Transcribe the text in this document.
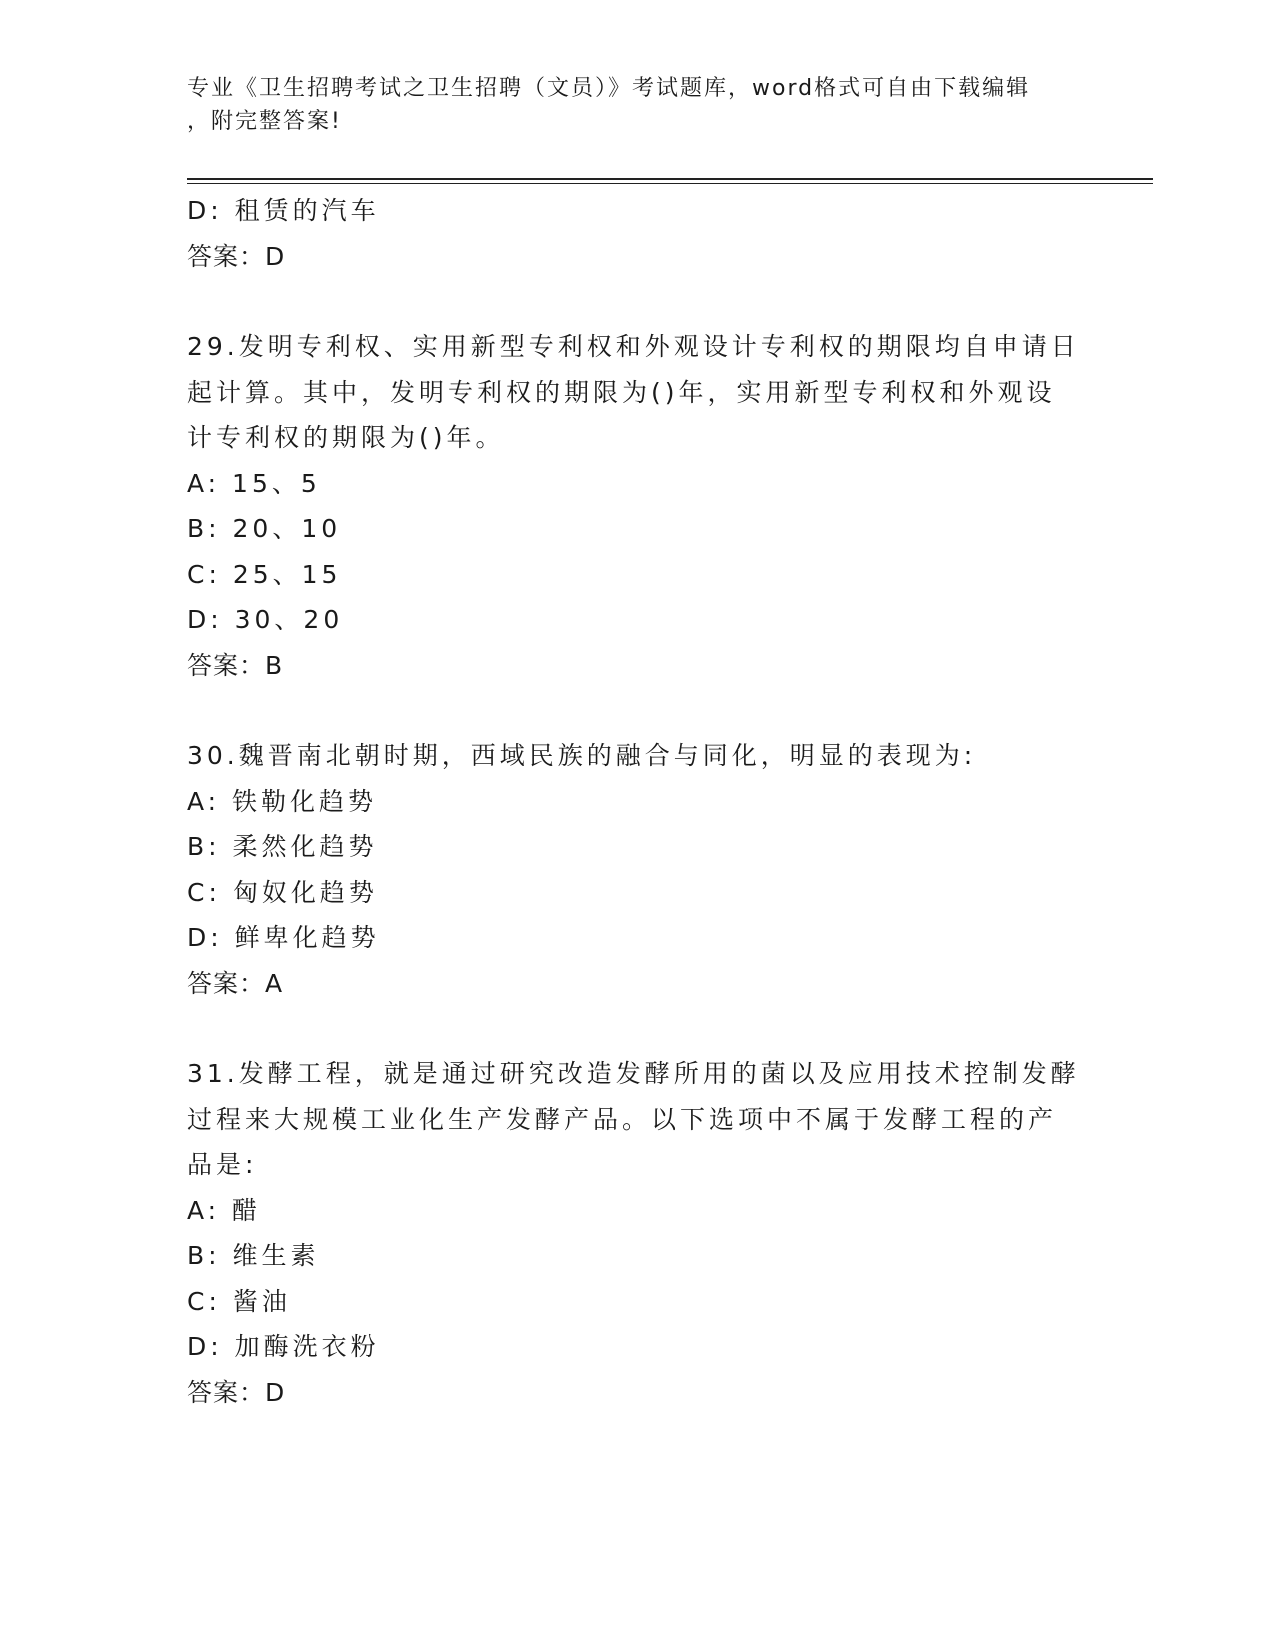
专业《卫生招聘考试之卫生招聘（文员）》考试题库，word格式可自由下载编辑
，附完整答案!
D: 租赁的汽车
答案：D
29.发明专利权、实用新型专利权和外观设计专利权的期限均自申请日
起计算。其中，发明专利权的期限为()年，实用新型专利权和外观设
计专利权的期限为()年。
A: 15、5
B: 20、10
C: 25、15
D: 30、20
答案：B
30.魏晋南北朝时期，西域民族的融合与同化，明显的表现为:
A: 铁勒化趋势
B: 柔然化趋势
C: 匈奴化趋势
D: 鲜卑化趋势
答案：A
31.发酵工程，就是通过研究改造发酵所用的菌以及应用技术控制发酵
过程来大规模工业化生产发酵产品。以下选项中不属于发酵工程的产
品是:
A: 醋
B: 维生素
C: 酱油
D: 加酶洗衣粉
答案：D
